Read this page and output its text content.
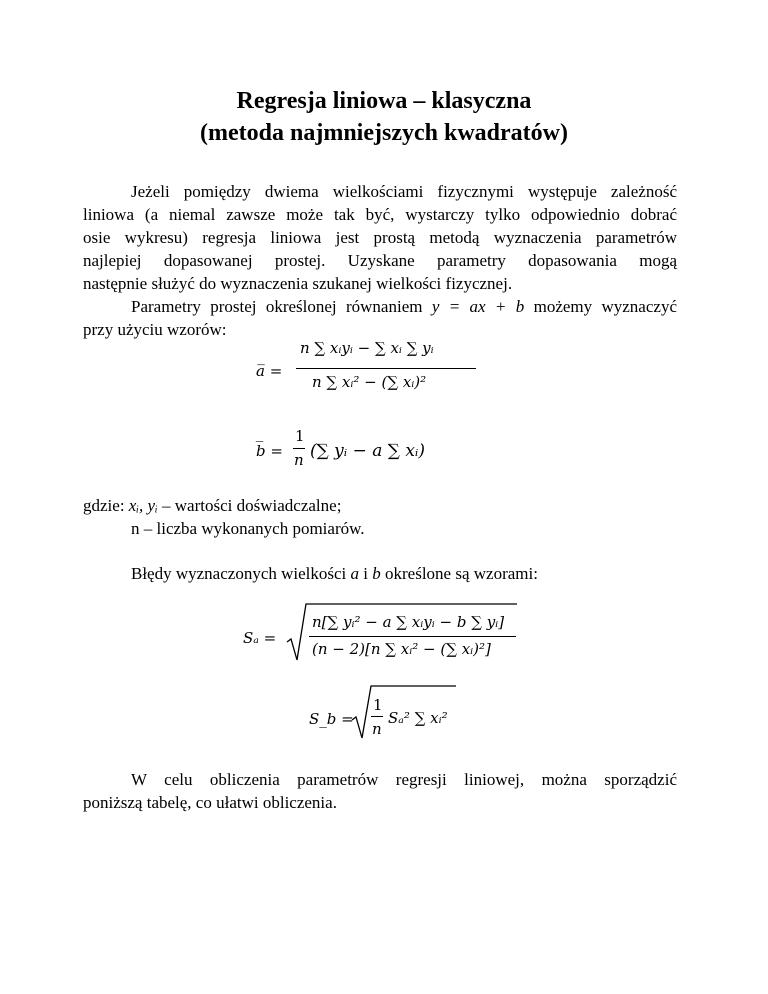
Regresja liniowa – klasyczna
(metoda najmniejszych kwadratów)
Jeżeli pomiędzy dwiema wielkościami fizycznymi występuje zależność
liniowa (a niemal zawsze może tak być, wystarczy tylko odpowiednio dobrać
osie wykresu) regresja liniowa jest prostą metodą wyznaczenia parametrów
najlepiej dopasowanej prostej. Uzyskane parametry dopasowania mogą
następnie służyć do wyznaczenia szukanej wielkości fizycznej.
Parametry prostej określonej równaniem y = ax + b możemy wyznaczyć
przy użyciu wzorów:
a̅ =
n ∑ xᵢyᵢ − ∑ xᵢ ∑ yᵢ
n ∑ xᵢ² − (∑ xᵢ)²
b̅ =
1
n (∑ yᵢ − a ∑ xᵢ)
gdzie: xᵢ, yᵢ – wartości doświadczalne;
n – liczba wykonanych pomiarów.
Błędy wyznaczonych wielkości a i b określone są wzorami:
Sₐ =
n[∑ yᵢ² − a ∑ xᵢyᵢ − b ∑ yᵢ]
(n − 2)[n ∑ xᵢ² − (∑ xᵢ)²]
S_b =
1
n
Sₐ² ∑ xᵢ²
W celu obliczenia parametrów regresji liniowej, można sporządzić
poniższą tabelę, co ułatwi obliczenia.
